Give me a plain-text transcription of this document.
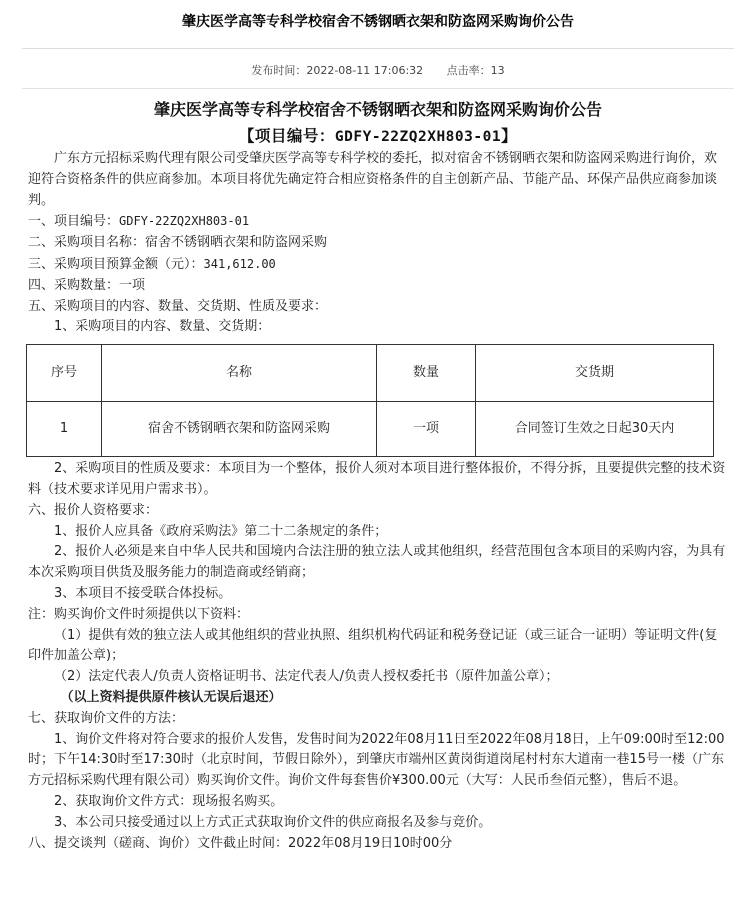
肇庆医学高等专科学校宿舍不锈钢晒衣架和防盗网采购询价公告
发布时间：2022-08-11 17:06:32 点击率：13
肇庆医学高等专科学校宿舍不锈钢晒衣架和防盗网采购询价公告
【项目编号：GDFY-22ZQ2XH803-01】

广东方元招标采购代理有限公司受肇庆医学高等专科学校的委托，拟对宿舍不锈钢晒衣架和防盗网采购进行询价，欢迎符合资格条件的供应商参加。本项目将优先确定符合相应资格条件的自主创新产品、节能产品、环保产品供应商参加谈判。

一、项目编号：GDFY-22ZQ2XH803-01

二、采购项目名称：宿舍不锈钢晒衣架和防盗网采购

三、采购项目预算金额（元）：341,612.00

四、采购数量：一项

五、采购项目的内容、数量、交货期、性质及要求：

1、采购项目的内容、数量、交货期：

序号	名称	数量	交货期
1	宿舍不锈钢晒衣架和防盗网采购	一项	合同签订生效之日起30天内

2、采购项目的性质及要求：本项目为一个整体，报价人须对本项目进行整体报价，不得分拆，且要提供完整的技术资料（技术要求详见用户需求书）。

六、报价人资格要求：

1、报价人应具备《政府采购法》第二十二条规定的条件；

2、报价人必须是来自中华人民共和国境内合法注册的独立法人或其他组织，经营范围包含本项目的采购内容，为具有本次采购项目供货及服务能力的制造商或经销商；

3、本项目不接受联合体投标。

注：购买询价文件时须提供以下资料：

（1）提供有效的独立法人或其他组织的营业执照、组织机构代码证和税务登记证（或三证合一证明）等证明文件(复印件加盖公章)；

（2）法定代表人/负责人资格证明书、法定代表人/负责人授权委托书（原件加盖公章）；

（以上资料提供原件核认无误后退还）

七、获取询价文件的方法：

1、询价文件将对符合要求的报价人发售，发售时间为2022年08月11日至2022年08月18日，上午09:00时至12:00时；下午14:30时至17:30时（北京时间，节假日除外），到肇庆市端州区黄岗街道岗尾村村东大道南一巷15号一楼（广东方元招标采购代理有限公司）购买询价文件。询价文件每套售价¥300.00元（大写：人民币叁佰元整），售后不退。

2、获取询价文件方式：现场报名购买。

3、本公司只接受通过以上方式正式获取询价文件的供应商报名及参与竞价。

八、提交谈判（磋商、询价）文件截止时间：2022年08月19日10时00分
